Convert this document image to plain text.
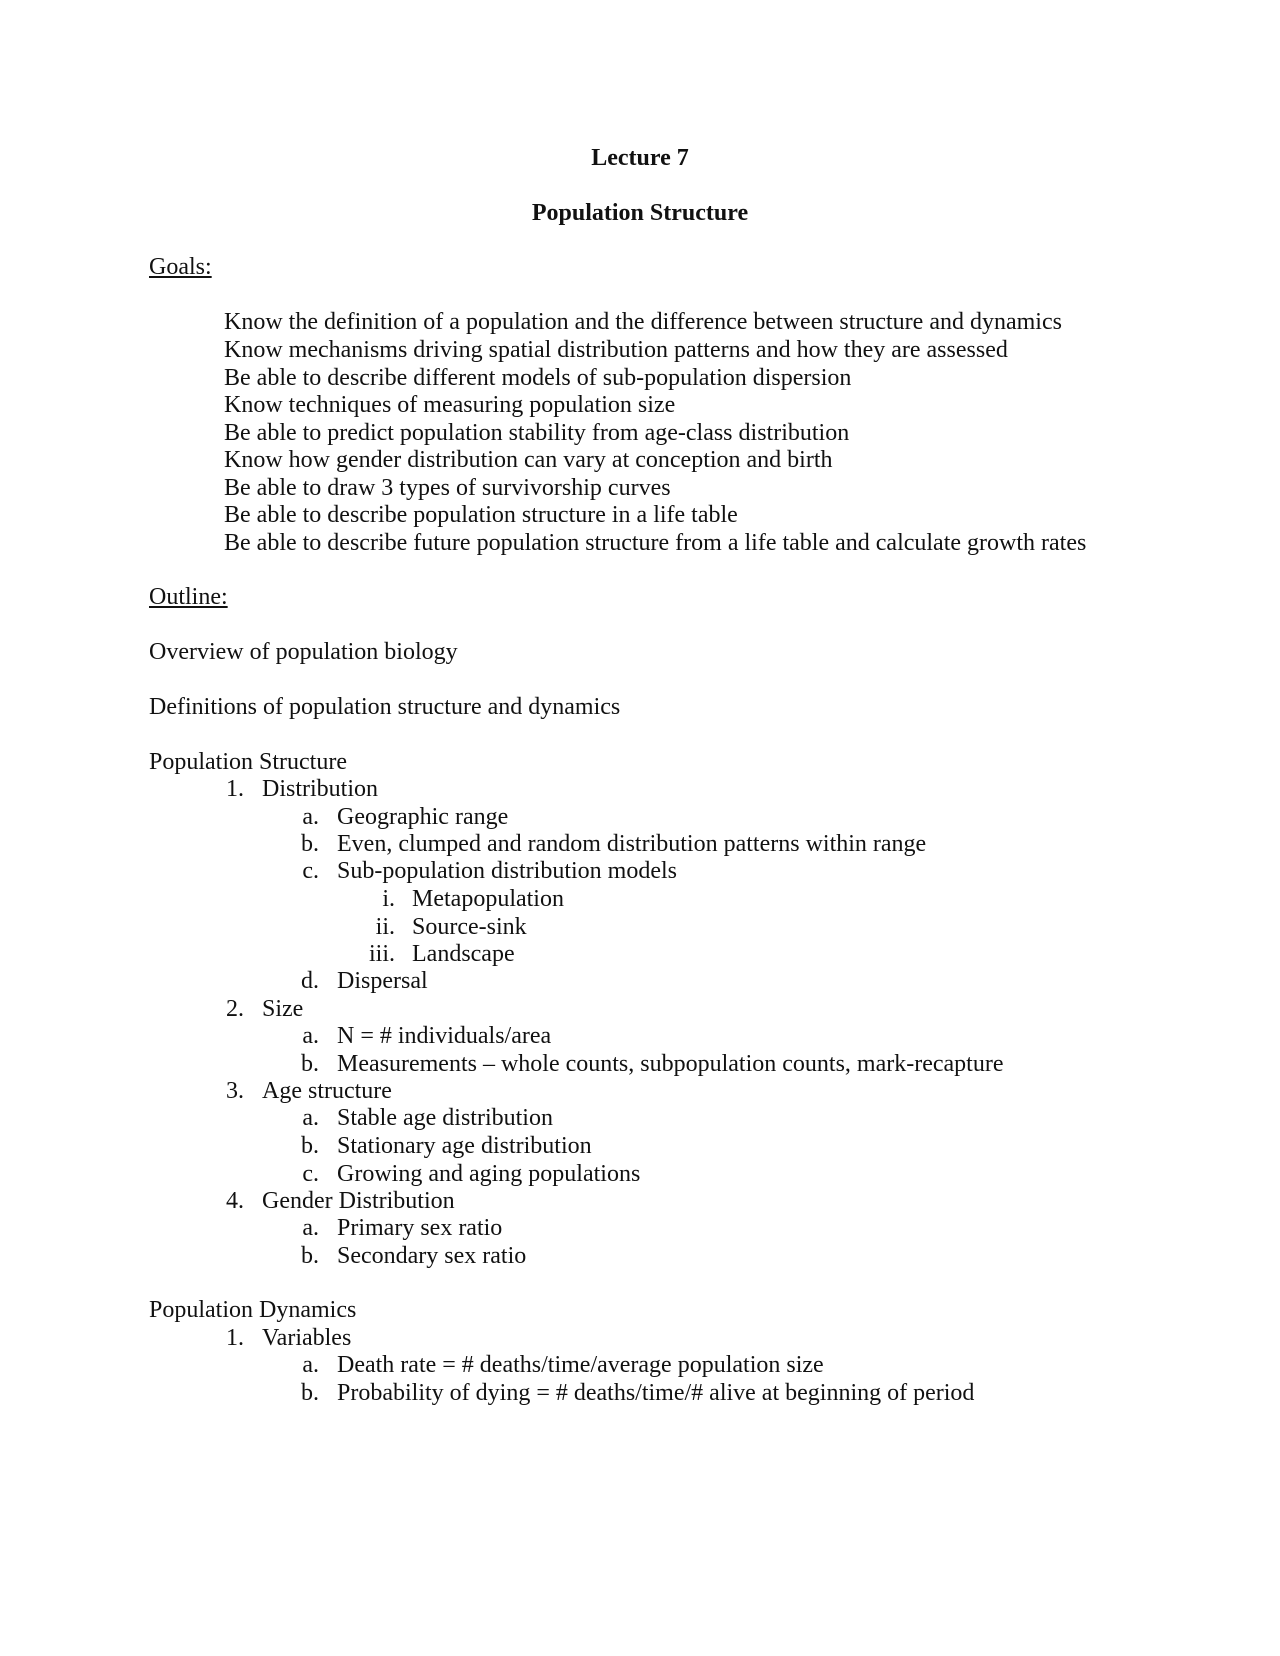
Lecture 7
Population Structure
Goals:
Know the definition of a population and the difference between structure and dynamics
Know mechanisms driving spatial distribution patterns and how they are assessed
Be able to describe different models of sub-population dispersion
Know techniques of measuring population size
Be able to predict population stability from age-class distribution
Know how gender distribution can vary at conception and birth
Be able to draw 3 types of survivorship curves
Be able to describe population structure in a life table
Be able to describe future population structure from a life table and calculate growth rates
Outline:
Overview of population biology
Definitions of population structure and dynamics
Population Structure
1. Distribution
a. Geographic range
b. Even, clumped and random distribution patterns within range
c. Sub-population distribution models
i. Metapopulation
ii. Source-sink
iii. Landscape
d. Dispersal
2. Size
a. N = # individuals/area
b. Measurements – whole counts, subpopulation counts, mark-recapture
3. Age structure
a. Stable age distribution
b. Stationary age distribution
c. Growing and aging populations
4. Gender Distribution
a. Primary sex ratio
b. Secondary sex ratio
Population Dynamics
1. Variables
a. Death rate = # deaths/time/average population size
b. Probability of dying = # deaths/time/# alive at beginning of period
